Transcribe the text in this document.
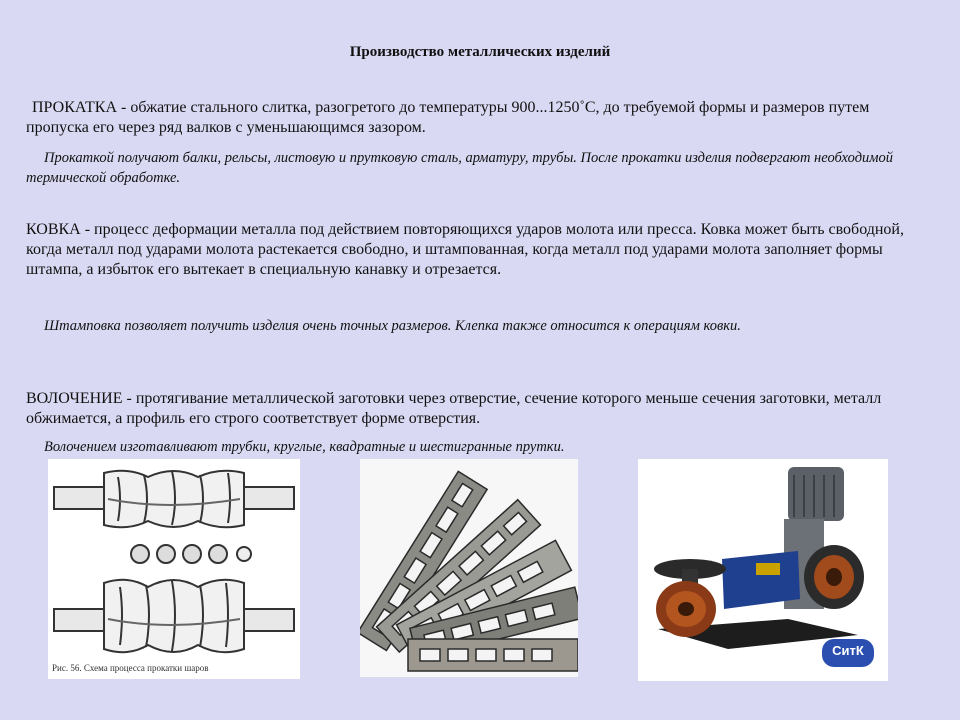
Производство металлических изделий

ПРОКАТКА - обжатие стального слитка, разогретого до температуры 900...1250˚С, до требуемой формы и размеров путем пропуска его через ряд валков с уменьшающимся зазором.

Прокаткой получают балки, рельсы, листовую и прутковую сталь, арматуру, трубы. После прокатки изделия подвергают необходимой термической обработке.

КОВКА - процесс деформации металла под действием повторяющихся ударов молота или пресса. Ковка может быть свободной, когда металл под ударами молота растекается свободно, и штампованная, когда металл под ударами молота заполняет формы штампа, а избыток его вытекает в специальную канавку и отрезается.

Штамповка позволяет получить изделия очень точных размеров. Клепка также относится к операциям ковки.

ВОЛОЧЕНИЕ - протягивание металлической заготовки через отверстие, сечение которого меньше сечения заготовки, металл обжимается, а профиль его строго соответствует форме отверстия.

Волочением изготавливают трубки, круглые, квадратные и шестигранные прутки.

Рис. 56. Схема процесса прокатки шаров
СитК
